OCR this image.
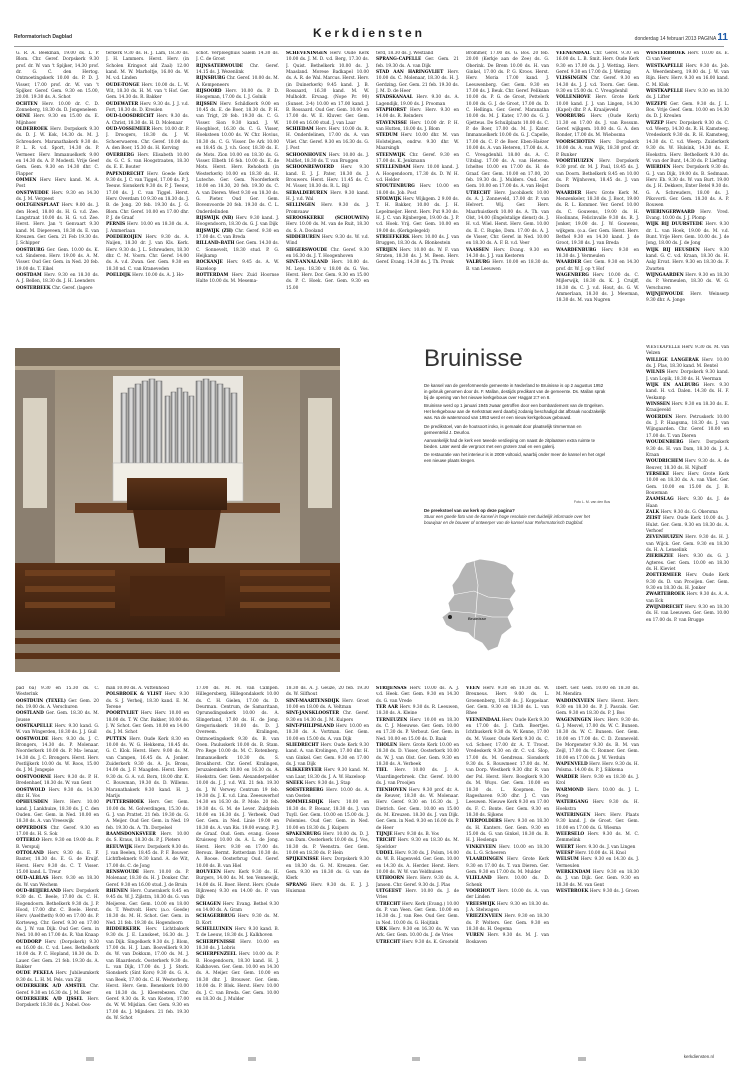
Reformatorisch Dagblad	Kerkdiensten	donderdag 14 februari 2013 PAGINA 11
G. R. A. Beekman, 19.00 ds. L. P. Blom. Chr. Geref. Dorpskerk 9.30 prof. dr. W. van 't Spijker, 14.30 prof. dr. G. C. den Hertog. Ontmoetingskerk 10.00 ds. P. D. J. Visser, 17.00 prof. dr. W. van 't Spijker. Geref. Gem. 9.30 en 15.00, 20.00. 19.30 ds. A. Schot
OCHTEN Herv. 10.00 dr. C. D. Zonneberg, 18.30 ds. D. Jongeneleen
OENE Herv. 9.30 en 15.00 ds. E. Mijnhoev
OLDEBROEK Herv. Dorpskerk 9.30 ds. D. J. W. Kok, 14.30 ds. M. J. Schreuders. Maranathakerk 9.30 ds. P. L. R. v.d. Sport, 14.30 ds. P. Vermeer. Herv. Immanuelkerk 9.00 en 14.30 ds. A. P. Modesti. Vrije Geef Gem. Gem. 9.30 en 14.30 dhr. C. Flapper
OMMEN Herv. Herv. kand. M. A. Post
ONSTWEDDE Herv. 9.30 en 14.30 ds. J. M. Vergeest
OOLTGENSPLAAT Herv. 9.00 ds. J. den Hoed, 18.00 ds. H. G. v.d. Zee. Langstraat 10.00 ds. H. G. v.d. Zee. Herst. Herv. Jan 't Genvaart 9.30 kand. M. Diepeveen, 18.30 ds. E. van Kreuzen. Ger. Gem. 21 Feb 19.30 ds. J. Schipper
OOSTBURG Ger. Gem. 10.00 ds. K. v.d. Sinderen. Herv. 19.00 ds. A. M. Visser. Oud Ger. Gem. in Ned. 20 feb. 19.00 ds. T. Eikel
OOSTDAM Herv. 9.30 en 18.30 ds. A. J. Bellen, 18.30 ds. J. H. Leenders
OOSTERBEEK Chr. Geref. (lagere
terkerk 9.30 ds. H. J. Lam, 18.30 ds. J. H. Lammers. Herst. Herv. (in Scholen Kringoot ald Zaal) 12.00 kand. M. W. Marholtje, 16.00 ds. W. M. v.d. Linden
OUDE-TONGE Herv. 10.00 ds. L. W. Wit, 18.30 ds. H. M. van 't Hof. Ger. Gem. 14.30 ds. R. Bakker
OUDEWATER Herv. 9.30 ds. J. J. v.d. Fort, 18.30 ds. D. Kreulen
OUD-LOOSDRECHT Herv. 9.30 ds. A. Christ, 18.30 ds. H. D. Molenaar
OUD-VOSSEMEER Herv. 10.00 dr. P. J. Droogers, 18.30 ds. J. W. Schoerwaeren. Chr. Geref. 10.00 ds. A. den Boer, 15.30 ds. H. Korving
OVERBERG Herv. Elisabeth 10.00 ds. G. C. S. van Hoogstraaten, 18.30 ds. E. E. Bouter
PAPENDRECHT Herv. Goede Kerk 9.30 ds. J. C. van Tiggel, 17.00 ds. P. J. Teeuw. Sionskerk 9.30 ds. P. J. Teeuw, 17.00 ds. J. C. van Tiggel. Herst. Herv. Overdam 10 9.30 en 18.30 ds. J. B. de Jong. 20 feb. 19.30 ds. J. G. Blom. Chr. Geref. 10.00 en 17.00 dhr. P. J. de Graaf
PERNIS Herv. 10.00 en 18.30 ds. A. J. Ammerlaan
POEDEROIJEN Herv. 9.30 ds. A. Naijen, 18.30 dr. J. van Kls. Kerk. Herv. 9.30 ds. J. L. Schreuders, 18.30 dhr. C. M. Voorn. Chr. Geref. 14.00 ds. A. v.d. Zwan. Ger. Gem. 9.30 en 18.30 nd. C. van Kraneveden
POELDIJK Herv. 10.00 ds. A. J. Ho-
schot. Verploeghuis Salem 14.30 ds. J. C. de Groot
RIJNSATERWOUDE Chr. Geref. 14.15 ds. J. Wezenlink
RIJNSBURG Chr. Geref. 10.00 ds. M. A. Kempeneers
RIJSOORD Herv. 10.00 ds. P. D. Hoogeman, 17.00 ds. I. J. Golnik
RIJSSEN Herv. Schildkerk 9.00 en 10.45 ds. E. de Boer, 18.30 ds. P. H. van Trigt, 20 feb. 19.30 ds. C. G. Visser. Sion 9.30 kand. J. W. Hoogbloot, 16.30 ds. C. G. Visser, Hoeksteen 10.00 ds. W. Chr. Hovius, 18.30 ds. C. G. Visser. De Ark 10.00 en 18.45 ds. J. v.h. Goor, 18.30 ds. E. de Mots. Zion 10.00 en 18.30 ds. G. Visser. Elbeth 16 feb. 10.00 ds. E. de Mots. Herst. Herv. Rehoboth (in Westerkerk) 10.00 en 18.30 ds. H. Luteche. Ger. Gem. Noorderkerk 10.00 en 18.30, 20 feb. 19.30 ds. C. A. van Dieren. West 9.30 en 18.30 ds. G. Pieter. Oud Ger. Gem. Bovenvoorde 20 feb. 19.30 ds. C. L. Onderdelinden
RIJSWIJK (NB) Herv. 9.30 kand. J. Hoogendoorn, 18.30 ds. G. J. van Dijk
RIJSWIJK (ZH) Chr. Geref. 9.30 en 17.00 ds. C. van Breda
RILLAND-BATH Ger. Gem. 14.30 ds. C. Sonnevelt, 18.30 stud. P. G. Heijkamp
ROCKANJE Herv. 9.45 ds. A. W. Hazeloop
ROTTERDAM Herv. Zuid Hoornse Halte 10.00 ds. M. Mesema-
SCHEVENINGEN Herv. Oude Kerk 10.00 ds. J. M. D. v.d. Berg, 17.30 ds. J. Quist. Bethelkerk 10.00 ds. J. Maasland. Morese Badkapel 10.00 ds. A. R. de Wal. Marcus. Herst. Herv. (in Duinerkerk) 9.45 kand. J. B. Rossaard, 16.30 kand. M. W. Mulholdt. Ervaag. (Nope Pr. 90) (Sunset. 2-4) 10.00 en 17.00 kand. J. B. Rossaard. Oud Ger. Gem. 10.00 en 17.00 ds. W. E. Kluver. Ger. Gem. 10.00 en 16.00 stud. J. van Laar
SCHIEDAM Herv. Herv. 10.00 ds. R. H. Onderdelinen, 17.00 ds. A. van Vliet. Chr. Geref. 9.30 en 16.30 ds. G. J. Post
SCHOONHOVEN Herv. 10.00 ds. J. Malfiet, 18.30 ds. T. van Bruggen
SCHOONREWOERD Herv. 9.30 kand. E. J. J. Pater, 18.30 ds. J. Brouwers. Herst. Herv. 11.45 ds. C. M. Visser, 18.30 ds. R. L. Bijl
SEBALDEBUREN Herv. 9.30 kand. H. J. v.d. Wal
SELLINGEN Herv. 9.30 ds. J. Promvaaw
SEROOSKERKE (SCHOUWEN) Herv. 10.00 ds. M. van de Ruit, 18.30 ds. S. A. Dooland
SIDDEBUREN Herv. 9.30 ds. W. v.d. Wind
SIEGERSWOUDE Chr. Geref. 9.30 en 16.30 ds. J. T. Hoogenhoven
SINT-ANNALAND Herv. 10.00 ds. M. Leys. 18.30 v. 18.00 ds. G. Vos. Herst. Herv. Dor. Gem. 9.30 en 15.00 ds. P. C. Hoek. Ger. Gem. 9.30 en 15.00
terd, 18.30 ds. J. Westland
SPRANG-CAPELLE Ger. Gem. 21 feb. 19.30 ds. A. van Dijk
STAD AAN HARINGVLIET Herv. 10.00 ds. C. Molenaar, 18.30 ds. H. J. Gerdzing. Ger. Gem. 21 feb. 19.30 ds. J. M. D. de Heer
STADSKANAAL Herv. 9.30 ds. A. Lagendijk, 19.00 ds. J. Prooman
STAPHORST Herv. Herv. 9.30 en 14.00 ds. R. Reinders
STAVENISSE Herv. 10.00 dr. P. H. van Hutten, 18.00 ds. J. Blom
STEDUM Herv. 10.00 dhr. M. van Holsteijnen, ondrw. 9.30 dhr. W. Maarsingh
STEENWIJK Chr. Geref. 9.30 en 17.00 ds. K. Jenkmann
STELLENDAM Herv. 10.00 kand. J. A. Hoogendoorn, 17.30 ds. D. W. H. v.d. Helder
STOUTENBURG Herv. 10.00 en 18.00 ds. Job. Post
STOLWIJK Herv. Wijkgem. 2 9.00 ds. T. H. Bakker, 10.00 ds. J. H. Lepelmeijer. Herst. Herv. Put 9.30 ds. H. J. C. van Rijnbergen, 19.00 ds. J. P. v.d. Hoek. Vrij. Ger. Gem. 10.00 en 19.00 ds. (Kerkgelegeld)
STREEFKERK Herv. 10.00 ds. J. van Bruggen, 18.30 ds. A. Blonkestein
STRIJEN Herv. 10.00 ds. W. F. van Straten, 18.30 ds. J. M. Been. Herv. Geref. Evang. 14.30 ds. J. Th. Pronk
Brommer, 17.00 ds. G. Bos. 20 feb. 20.00 (Kerkje aan de Zee) ds. G. Oberink. De Brem 10.00 ds. H. van Ginkel, 17.00 ds. P. G. Kroos. Herst. Herv. Moria 17.00 kand. J. Leeuwenberg. Ger. Gem. 9.30 en 17.00 ds. J. Beuk. Chr. Geref. Pelikaan 10.00 ds. P. G. de Groot, Pettelerk 10.00 ds. G. J. de Groot, 17.00 ds. D. C. Hellinga. Ger. Geref. Maranatha 10.00 ds. M. J. Kater, 17.00 ds. G. J. Gjetteus. De Schuilplaats 10.00 ds. C. P. de Boer, 17.00 ds. M. J. Kater. Immanuelkerk 10.00 ds. G. J. Capelle, 17.00 ds. C. P. de Boer. Eben-Haëzer 10.00 ds. A. van Heteren, 17.00 ds. A. C. Vreugdenhil. 18.00 ds. A. C. Uitslag. 17.00 ds. A. van Heteren. Icheltes 10.00 en 17.00 ds. H. de Graaf. Ger. Gem. 10.00 en 17.00, 20 feb. 19.30 ds. J. Mulders. Oud. Ger. Gem. 10.00 en 17.00 ds. A. van Heijst
UTRECHT Herv. Jacobikerk 10.00 ds. A. J. Zonneveld, 17.00 dr. P. van Helvert. Wij. Ger. Herv. Maarhuistkerk 10.00 ds. A. Th. van Olst, 14.00 (Engelstalige dienst) ds. J. H. v.d. Wiel. Herst. Herv. Gem. 10.00 ds. E. C. Rupke, Dom. 17.00 ds. A. J. de Visser, Chr. Geref. in Ned. 10.00 en 18.30 ds. A. F. B. v.d. Veer
VAASSEN Herv. Evang. 9.30 en 14.30 ds. J. J. van Kesteren
VALBURG Herv. 10.00 en 18.30 ds. B. van Leeuwen
VEENENDAAL Chr. Geref. 9.30 en 16.00 ds. L. B. Smit. Herv. Oude Kerk 9.30 en 17.00 ds. J. J. Wetting. Herv. Geref. 9.30 en 17.00 ds. J. Wetting
VLISSINGEN Chr. Geref. 9.30 en 14.30 ds. J. J. v.d. Toorn. Ger. Gem. 9.30 en 15.00 ds. C. Vreugdenhil
VOLLENHOVE Herv. Grote Kerk 10.00 kand. J. J. van Lingen, 14.30 (Kapel) dhr. P. A. Kraaijeveld
VOORBURG Herv. (Oude Kerk) 11.30 en 17.00 ds. J. van Rossum. Geref. wijkgem. 10.00 ds. G. A. den Ronder, 17.00 ds. M. Wiebosma
VOORSCHOTEN Herv. Dorpskerk 10.00 ds. A. van Wijk, 18.30 prof. dr. P. Bunker
VOORTHUIZEN Herv. Dorpskerk 9.30 prof. dr. M. J. Paul, 18.45 ds. J. van Doorn. Bethelkerk 8.45 en 10.00 ds. P. Wijnhoven, 18.45 ds. J. van Doorn
WAARDER Herv. Grote Kerk M. Menzenkeler, 18.30 ds. J. Boot, 19.00 ds. R. L. Kommer. Ver. Geref. 10.00 ds. C. Gouwens, 19.00 ds. H. Hoolinans, Felicinvalle 9.30 ds. R. J. Jonker, 19.00 ds. J. W. Gouwens, wijkgem. (o.a. Ger. Gem. Herst. Herv. Bethel 9.30 en 14.30 kand. J. de Groot, 19.30 ds. J. van Breda
WAARDENBURG Herv. 9.30 en 18.30 ds. J. Vermeulen
WAARDER Ger. Gem. 9.30 en 14.30 prof. dr. W. J. op 't Hof
WAGENBERG Herv. 10.00 ds. C. Mijlerwijk, 18.30 ds. K. J. Cruijff, 18.30 ds. C. J. v.d. Hout, ds. G. W. Ammerlaan, 18.30 ds. J. Mewman, 18.30 ds. M. van Nugren
WESTERBROEK Herv. 10.00 ds. E. Ci van Veer
WESTKAPELLE Herv. 9.30 ds. Job. A. Weerdenberg, 19.00 ds. J. W. van Rijn. Herv. Herv. 9.30 en 16.00 kand. C. M. Klok
WESTKAPELLE Herv. 9.30 en 18.30 ds. J. Lifter
WEZEPE Ger. Gem. 9.30 ds. J. L. Bos. Vrije Geef. Gem. 10.00 en 14.30 ds. D. J. Kreulen
WEZEP Herv. Dorpskerk 9.30 ds. C. v.d. Weerp, 14.30 ds. R. H. Kamsteeg. Vredeskerk 9.30 ds. R. H. Kamsteeg, 14.30 ds. C. v.d. Weerp. Zuiderkerk 9.30 ds. W. Hulsink, 14.30 ds. E. Hoekstra. Herv. Bethelkerk 9.30 ds. W. van der Bunt, 14.30 ds. P. Liefting
WIERDEN Herv. Dorpskerk 9.30 ds. G. J. van Dijk, 19.00 ds. B. Sedmaan. Herv. Eb. 9.30 ds. W. van Burt. 19.00 ds. J. H. Dekkers, Enter Betel 9.30 ds. G. A. Schreuders, 18.00 ds. J. Pikovorti. Ger. Gem. 18.30 ds. A. P. Rouwen
WIERINGERWAARD Herv. Vred. Evang. 10.00 ds. J. J. Plomp
WIJK BIJ DUURSTEDE Herv. 9.30 dr. L. van Hoek, 19.00 ds. M. v.d. Bunt. Vrije Herv. Gem. 10.00 ds. J. de Jong, 18.00 ds. J. de Jong
WIJK BIJ HEUSDEN Herv. 9.30 kand. G. C. v.d. Kraan, 18.30 ds. H. Aalg Ervat. Herv. 9.30 en 18.30 ds. F. Zwarten
WIJNGAARDEN Herv. 9.30 en 18.30 ds. P. Vermeulen, 18.30 ds. W. G. Verschuren
WIJNJEWOUDE Herv. Weinserp 9.30 dhr. A. Jonge
WESTKAPELLE Herv. 9.30 ds. M. van Velzen
WILLIGE LANGERAK Herv. 10.00 ds. J. Plas, 18.30 kand. M. Bentel
WILNIS Herv. Dorpskerk 9.30 kand. J. van Lopik, 18.30 ds. H. Veerman
WIJK EN AALBURG Herv. 9.30 kand. H. v.d. Dalen. 14.30 ds. H. F. Veskamp
WINSSEN Herv. 9.30 en 18.30 ds. E. Kraaijeveld
WOERDEN Herv. Petruskerk 10.00 ds. J. P. Haagsma, 18.30 ds. J. van Wijngaarden. Chr. Geref. 10.00 en 17.00 ds. T. van Dieren
WOUDENBERG Herv. Dorpskerk 9.30 ds. H. van Dam, 18.30 ds. J. A. Kraan
WOUDRICHEM Herv. 9.30 ds. A. de Reuver, 18.30 ds. H. Nijhoff
YERSEKE Herv. Herv. Grote Kerk 10.00 en 18.30 ds. A. van Vliet. Ger. Gem. 10.00 en 15.00 ds. J. B. Bouwman
ZAAMSLAG Herv. 9.30 ds. J. de Haan
ZALK Herv. 9.30 ds. G. Okersma
ZEIST Herv. Oude Kerk 10.00 ds. J. Hulst. Ger. Gem. 9.30 en 18.30 ds. A. Verhoef
ZEVENHUIZEN Herv. 9.30 ds. H. J. van Wijck. Ger. Gem. 9.30 en 18.30 ds. H. A. Lenselink
ZIERIKZEE Herv. 9.30 ds. G. J. Agteres. Ger. Gem. 10.00 en 18.30 ds. H. Kieviet
ZOETERMEER Herv. Oude Kerk 9.30 ds. D. van Prooijen. Ger. Gem. 9.30 en 18.30 ds. H. Jonker
ZWARTEBROEK Herv. 9.30 ds. A. A. van Eck
ZWIJNDRECHT Herv. 9.30 en 18.30 ds. H. van Leeuwen. Ger. Gem. 10.00 en 17.00 ds. P. van Brugge
pad 6a) 9.30 en 15.30 ds. C. Westerink
OOSTDUIN (TEXEL) Ger. Gem. 20 feb. 19.00 ds. A. Verschuren
OOSTLAND Ger. Gem. 18.30 ds. M. Jousse
OOSTKAPELLE Herv. 9.30 kand. G. W. van Wingerden, 18.30 ds. J. J. Guil
OOSTWOLDE Herv. 9.30 ds. J. C. Brongers, 14.30 ds. P. Molenaar. Noorderkerk 10.00 ds. P. Ma- lenaar, 14.30 ds. J. C. Brongers. Herst. Herv. Postlijkerk 10.00 ds. W. Roos, 15.00 ds. J. M. Jongepie
OOSTVOORNE Herv. 9.30 ds. P. H. Bredenhaef, 18.30 ds. W. van Gent
OOSTWOLD Herv. 9.30 ds. 14.30 dhr. H. Vos
OPHEUSDEN Herv. Herv. 10.00 kand. J. Lankhuize, 18.30 ds. J. C. den Ouden. Ger. Gem. in Ned. 10.00 en 18.30 ds. A. van Vreeswijk
OPPERDOES Chr. Geref. 9.30 en 17.00 ds. H. S. Sok
OTTERLO Herv. 9.30 en 19.00 ds. P. B. Verspuij
OTTOLAND Herv. 9.30 ds. E. F. Baxter, 18.30 ds. E. G. de Kruijf. Herst. Herv. 9.30 ds. C. T. Visser. 15.00 kand. L. Treur
OUD-ALBLAS Herv. 9.30 en 18.30 ds. W. van Wechem
OUD-BEIJERLAND Herv. Dorpskerk 9.30 ds. C. Beele, 17.00 ds. C. H. Hogendoorn. Bethelkerk 9.30 ds. J. P. Hood, 17.00 dhr. C. Boele. Herst. Herv. (Axeltheth) 9.00 en 17.00 ds. P. Korteweg. Chr. Geref. 9.30 en 17.00 ds. J. W. van Dijk. Oud Ger. Gem. in Ned. 10.00 en 17.00 ds. R. Van Knaap
OUDDORP Herv. (Dorpskerk) 9.30 en 16.00 ds. C. v.d. Lees. Bethelkerk 10.00 ds. P. C. Hopland, 18.30 ds. D. Lauer. Ger. Gem. 21 feb. 19.30 ds. A. Bakker
OUDE PEKELA Herv. Jubileumkerk 9.30 ds. L. H. M. Pels. van Ziji
OUDERKERK A/D AMSTEL Chr. Geref. 9.30 en 16.30 ds. J. M. Boer
OUDERKERK A/D IJSSEL Herv. Dorpskerk 18.30 ds. J. Nobel. Oos-
man 10.00 ds. A. Vuttenhood
POLSBROEK & VLIST Herv. 9.30 ds. S. J. Verheij, 18.30 kand. E. M. Terene
POORTVLIET Herv. Herv. 10.00 en 18.00 ds. T. W. Chr. Bakker, 10.00 ds. J. W. Schot. Ger. Gem. 10.00 en 14.00 ds. J. M. Schot
PUTTEN Herv. Oude Kerk 8.30 en 10.00 ds. W. G. Hekkema, 18.45 ds. G. C. Klok. Herst. Herv. 9.00 ds. M. van Campen, 16.45 ds. A. Jonker. Zuiderkerk 9.30 ds. A. Js. Brons, 14.00 ds. J. F. Maagden. Herst. Herv. 9.30 ds. G. A. v.d. Born, 18.00 dhr. K. C. Bouwman, 19.30 ds. D. Willems. Maranathakerk 9.30 kand. H. J. Marijs
PUTTERSHOEK Herv. Ger. Gem. 10.00 ds. M. Golverdingen, 15.30 ds. G. J. van Prattet. 21 feb. 19.30 ds. G. A. Meijer. Oud Ger. Gem. in Ned. 19 feb. 19.30 ds. A. Th. Dorpelsel
RAAMSDONKSVEER Herv. 10.00 ds. S. Kraus, 18.30 ds. P. J. Pieters
REEUWIJK Herv. Dorpskerk 9.30 ds. J. van Beelen, 18.45 ds. P. F. Bouwer. Lichtfbeknerk 9.30 kand. A. de Wit, 17.00 ds. C. de Jong
RENSWOUDE Herv. 10.00 ds. P. Molenaar, 18.30 ds. H. J. Donker. Chr. Geref. 9.30 en 16.00 stud. J. de Bruin
RHENEN Herv. Cunerakerk 8.45 en 9.45 ds. W. J. Zijlstra, 18.30 ds. G. van Meijeren. Ger. Gem. 10.00 en 18.00 ds. T. Westvolt. Herv. (a.o. Goede) 18.30 ds. M. H. Schot. Ger. Gem. in Ned. 21 feb. 19.30 ds. Hogendoorn
RIDDERKERK Herv. Lichtbakerk 9.30 ds. J. E. Lanskeet, 16.30 ds. J. van Dijk. Singelkerk 9.30 ds. J. Blom, 17.00 ds. H. J. Lam. Bosvellierk 9.30 ds. W. van Dokkum, 17.00 ds. M. J. van Blaardenck. Oosterkerk 9.30 ds. L. van Dijk, 17.00 ds. J. J. Stork. Sionskerk (Sint Kors) 9.30 ds. G. A. van Beek, 17.00 ds. C. H. Westerberg. Herst. Herv. Gem. Benenkerk 10.00 en 18.30 ds. J. Kleerebezen. Chr. Geref. 9.30 ds. R. van Kooten, 17.00 ds. W. W. Mijslian. Ger. Gem. 9.30 en 17.00 ds. J. Mijnders. 21 feb. 19.30 ds. W. Schot
17.00 ds. M. M. van Campen. Hillegersberg, Hillegondakerk 10.00 ds. C. H. Gielen, 17.00 ds. D. Deurman. Centrum, de Samaritaan, Oprunsdingsskerk 10.00 ds. A. Slingerland, 17.00 ds. H. de Jong. Gregoriuskerk 10.00 ds. D. J. Overeem. Kralingen, Ontmoetingskerk 9.30 ds. B. van Ooen. Pauluskerk 10.00 ds. B. Stam. Pro Rege 10.00 ds. M. C. Rotenberg. Immanuelkerk 10.30 ds. S. Broukhorst. Chr. Geref. Kralingen, Jeruzalemkerk 10.00 en 16.30 ds. A. Hoekstra. Ger. Gem. Alexanderpolder 10.00 ds. J. J. v.d. Wil. 21 feb. 19.30 ds. J. W. Verwey. Centrum 19 feb. 19.30 ds. J. K. v.d. Lina. Zeeeuwerhof 14.30 en 16.30 ds. P. Mole. 20 feb. 19.30 ds. G. M. de Lever. Zuidplein 10.00 en 16.30 ds. J. Verbeek. Oud Ger. Gem. in Ned. Linie 19.00 en 18.30 ds. A. van Ris. 19.00 evang. P. J. de Graaf. Oud. Gem. evang. Goose Kruisweg 10.00 ds. A. L. de Jong. Herst. Herv. 9.30 en 17.00 ds. Beroux. Bermt. Rotterdam 10.30 ds. A. Roose. Oosterbrug Oud. Geref. 10.00 ds. B. van Hiel
ROUVEEN Herv. Kerk 9.30 ds. H. Burgers, 14.00 ds. M. ten Vennewijk, 14.00 ds. H. Boer. Herst. Herv. (Oude Bijkveen) 9.30 en 14.00 ds. P. van Dijk
SCHAGEN Herv. Evang. Bethel 9.30 en 14.00 ds. A. Gram
SCHAGERBRUG Herv. 9.30 ds. M. D. Kort
SCHELLUINEN Herv. 9.30 kand. B. T. de Leeuw, 18.30 ds. J. Kalkhoven
SCHERPENISSE Herv. 10.00 en 18.30 ds. J. Lobris
SCHERPENZEEL Herv. 10.00 ds. P. B. Hoogendoorn, 18.30 kand. H. J. Kalkhoven. Ger. Gem. 10.00 en 14.30 ds. A. Meijer. Ger. Gem. 10.00 en 18.30 dhr. J. Brouwer. Ger. Gem. 10.00 ds. P. Blok. Herst. Herv. 10.00 ds. J. C. van Breda. Ger. Gem. 10.00 en 18.30 ds. J. Mulder
18.30 ds. A. J. Geuze, 20 feb. 19.30 ds. W. Silfhout
SINT-MAARTENSDIJK Herv. Groot 10.00 en 18.00 ds. A. Veltman
SINT-JANSKLOOSTER Chr. Geref. 9.30 en 14.30 ds. J. M. Kuipers
SINT-PHILIPSLAND Herv. 10.00 en 18.30 ds. A. Vortman. Ger. Gem. 10.00 en 15.00 ds. A. van Dijk
SLIEDRECHT Herv. Oude Kerk 9.30 kand. A. van Krolingen, 17.00 dhr. H. van Ginkel. Ger. Gem. 9.30 en 17.00 ds. J. van Dijk
SLIKKERVEER Herv. 9.30 kand. M. van Laar, 18.30 ds. J. A. W. Hazeloop
SNEEK Herv. 9.30 ds. J. Stap
SOESTERBERG Herv. 10.00 ds. A. van Oosten
SOMMELSDIJK Herv. 10.00 en 18.30 ds. P. Bosaar, 18.30 ds. J. van Tuyll. Ger. Gem. 10.00 en 15.00 ds. J. Polemies. Oud Ger. Gem. in Ned. 10.00 en 18.30 ds. J. Kuipers
SPAKENBURG Herv. 10.00 ds. D. J. van Dam. Oosterkerk 10.00 ds. J. Vos, 18.30 ds. P. Veenstra. Ger. Gem. 10.00 en 18.30 ds. P. Hein
SPIJKENISSE Herv. Dorpskerk 9.30 en 18.30 ds. G. M. Kreuzen. Ger. Gem. 9.30 en 18.30 ds. G. van de Klerk
SPRANG Herv. 9.30 ds. E. J. J. Huisman
STRIJENSAS Herv. 10.00 ds. A. J. v.d. Heek. Ger. Gem. 9.30 en 14.30 ds. G. van Vrede
TER AAR Herv. 9.30 ds. R. Leeuwen, 18.30 ds. A. Kleine
TERNEUZEN Herv. 10.00 en 18.30 ds. C. J. Meeuwse. Ger. Gem. 10.00 en 17.30 ds. P. Verbout. Ger. Gem. in Ned. 10.00 en 15.00 ds. D. Baak
THOLEN Herv. Grote Kerk 10.00 en 18.30 ds. D. Visser, Oosterkerk 10.00 ds. W. J. van Olst. Ger. Gem. 9.30 en 18.30 ds. A. Verbeek
TIEL Herv. 10.00 ds. J. A. Vlaardingerbroek. Chr. Geref. 10.00 ds. J. van Prooijen
TIENHOVEN Herv. 9.30 prof. dr. A. de Reuver, 18.30 ds. W. Molenaar. Herv. Geref. 9.30 en 16.30 ds. J. Dietrich. Ger. Gem. 10.00 en 15.00 ds. M. Kreuzen. 18.30 ds. J. van Dijk. Ger. Gem. in Ned. 9.30 en 16.00 ds. P. de Heer
TIJNJE Herv. 9.30 ds. B. Vos
TRICHT Herv. 9.30 en 18.30 ds. M. Sjoelcker
UDDEL Herv. 9.30 ds. J. Polsm, 14.00 ds. W. B. Hagenveld. Ger. Gem. 10.00 en 14.30 ds. A. Herder. Herst. Herv. 10.00 ds. W. W. van Veldhuisen
UITHOORN Herv. Herv. 9.30 ds. A. Jansen. Chr. Geref. 9.30 ds. J. Plas
UITGEEST Herv. 10.00 ds. J. de Vries
UTRECHT Herv. Kerk (Evang.) 10.00 ds. P. van Veen. Ger. Gem. 10.00 en 16.30 ds. J. van Ree. Oud Ger. Gem. in Ned. 10.00 ds. G. Hoijtink
URK Herv. 9.30 en 16.30 ds. W. van Ark. Ger. Gem. 10.00 ds. J. de Vries
UTRECHT Herv. 9.30 ds. K. Grooteld
VEEN Herv. 9.30 en 18.30 ds. W. Breuneus. Herv. 9.00 ds. L. Groenenberg, 18.30 ds. J. Koppelaar. Ger. Gem. 9.30 en 18.30 ds. L. van Rhee
VEENENDAAL Herv. Oude Kerk 9.30 en 17.00 ds. J. Cath. Boertjes. Ichthuskerk 9.30 ds. W. Kenne, 17.00 ds. M. Visser. Oude Kerk 9.30 ds. C. v.d. Scheer, 17.00 dr. A. T. Troost. Vredeskerk 9.30 en dr. C. v.d. Slop, 17.00 ds. M. Gendreau. Sionskerk 9.30 ds. S. Rouwmeer. 17.00 ds. M. van Dorp. Westkerk 9.30 dhr. R. van der Pol. Herst. Herv. Boogkerk 9.30 ds. M. Wuys. Ger. Gem. 10.00 en 18.30 ds. L. Koopmen. De Rageshaven 9.30 dhr. J. C. van Leeuwen. Nieuwe Kerk 9.30 en 17.00 ds. F. C. Bonte. Ger. Gem. 9.30 en 18.30 ds. Sijkens
VIERPOLDERS Herv. 9.30 en 18.30 ds. H. Kanters. Ger. Gem. 9.30 en 15.00 ds. G. van Ginkel, 18.30 ds. B. H. J. Heslenga
VINKEVEEN Herv. 10.00 en 18.30 ds. L. G. Scheeren
VLAARDINGEN Herv. Grote Kerk 9.30 en 17.00 ds. T. van Dieren. Ger. Gem. 9.30 en 17.00 ds. M. Mulder
VLIELAND Herv. 10.00 ds. D. Schenk
VOORHOUT Herv. 10.00 ds. A. van der Linden
VREESWIJK Herv. 9.30 en 18.30 ds. J. A. Stelwagen
VRIEZENVEEN Herv. 9.30 en 18.30 ds. P. Wolters. Ger. Gem. 9.30 en 18.30 ds. H. Oegema
VUREN Herv. 9.30 ds. M. J. van Boskaven
Ibert. Ger. Gem. 10.00 en 18.30 ds. M. Mendira
WADDINXVEEN Herv. Herst. Herv. 9.30 en 18.30 ds. P. J. Pascals. Ger. Gem. 9.30 en 18.30 ds. P. J. Bos
WAGENINGEN Herv. Herv. 9.30 ds. G. J. Mesvel, 17.00 ds. W. C. Bunsen. 18.30 ds. W. C. Bunsen. Ger. Gem. 10.00 en 17.00 ds. C. D. Zonneveld. De Morgenster 9.30 ds. B. M. van Zeijl, 17.00 ds. C. Ronner. Ger. Gem. 10.00 en 17.00 ds. J. W. Verduin
WAPENVELD Herv. Herv. 9.30 ds. H. Polsma. 14.00 ds. P. J. Sikkema
WARDER Herv. 9.30 en 18.30 ds. J. Krol
WARMOND Herv. 10.00 ds. J. L. Ploeg
WATERGANG Herv. 9.30 ds. H. Hoekstra
WATERINGEN Herv. Herv. Plaats 9.30 kand. J. de Groot. Ger. Gem. 10.00 en 17.00 ds. G. Wiesma
WEERSELO Herv. 9.30 ds. M. C. Zemmelink
WEERT Herv. 9.30 ds. J. van Lingen
WEESP Herv. 10.00 ds. H. Knol
WELSUM Herv. 9.30 en 14.30 ds. J. Vermeulen
WERKENDAM Herv. 9.30 en 18.30 ds. J. van Dijk. Ger. Gem. 9.30 en 18.30 ds. M. van Gent
WESTBROEK Herv. 9.30 ds. J. Groen
Bruinisse

De kansel van de gereformeerde gemeente in Nederland te Bruinisse is op 2 augustus 1952 in gebruik genomen door ds. F. Mallan, destijds predikant van de gemeente. Ds. Mallan sprak bij de opening van het nieuwe kerkgebouw over Haggaï 2:7 en 8.

Bruinisse werd op 1 januari 1945 zwaar getroffen door een bombardement van de Engelsen. Het kerkgebouw aan de Kerkstraat werd daarbij zodanig beschadigd dat afbraak noodzakelijk was. Na de watersnood van 1953 werd er een nieuw kerkgebouw gebouwd.

De predikstoel, van de houtsoort iroko, is gemaakt door plaatselijk timmerman en gemeentelid J. Deurloo.

Aanvankelijk had de kerk een tweede verdieping om naast de zitplaatsen extra ruimte te bieden. Later werd die vergroot met een grotere zaal en een galerij.

De restauratie van het interieur is in 2009 voltooid, waarbij onder meer de kansel en het orgel een nieuwe plaats kregen.

Foto L. M. van den Bos
De preekstoel van uw kerk op deze pagina?
Stuur een goede foto van de kansel in hoge resolutie met duidelijk informatie over het bouwjaar en de bouwer of ontwerper van de kansel naar Reformatorisch Dagblad.
Bruinisse
kerkdiensten.nl
